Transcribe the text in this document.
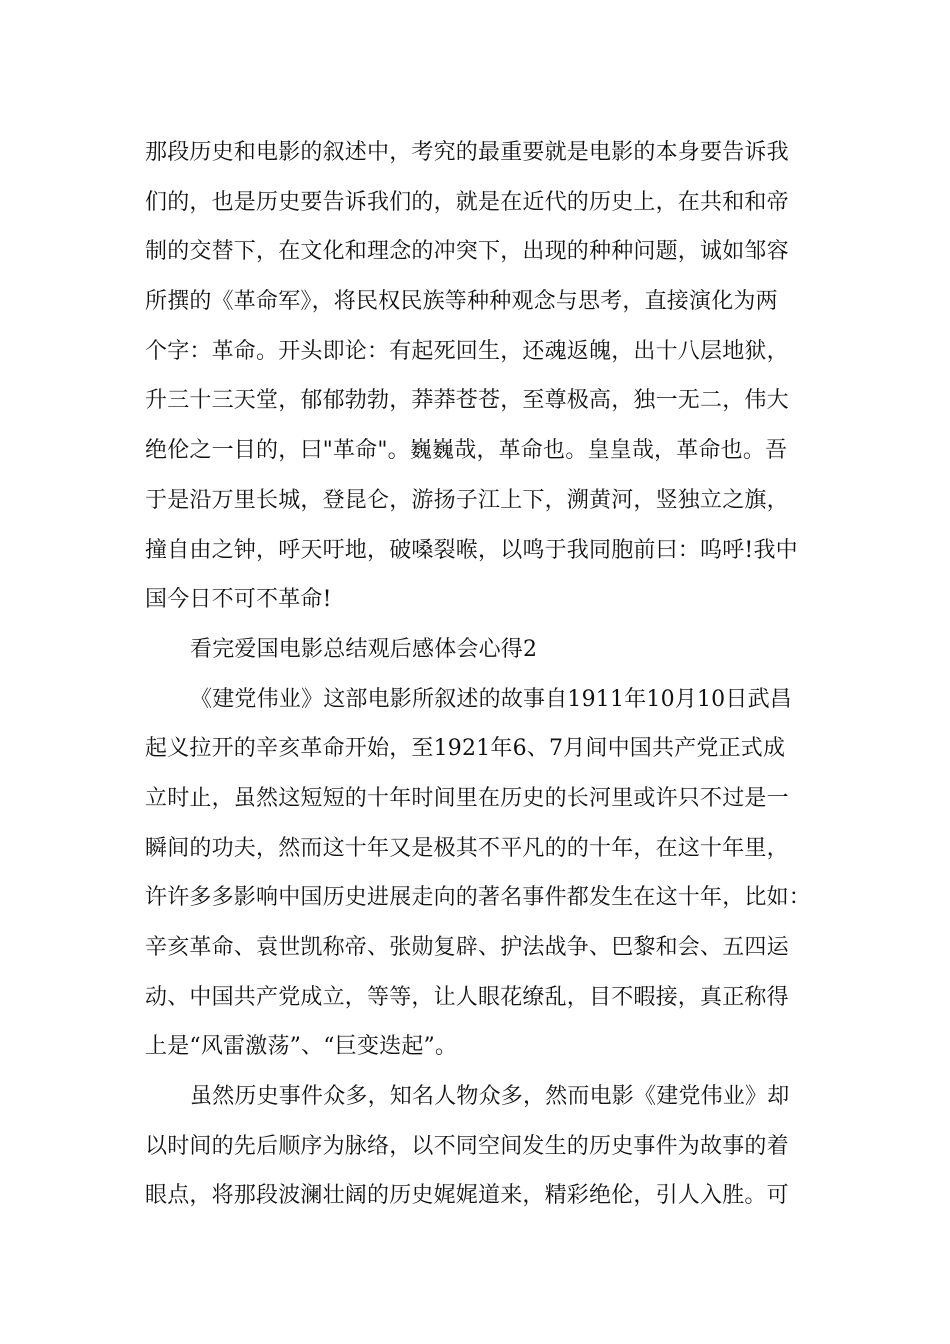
那段历史和电影的叙述中，考究的最重要就是电影的本身要告诉我
们的，也是历史要告诉我们的，就是在近代的历史上，在共和和帝
制的交替下，在文化和理念的冲突下，出现的种种问题，诚如邹容
所撰的《革命军》，将民权民族等种种观念与思考，直接演化为两
个字：革命。开头即论：有起死回生，还魂返魄，出十八层地狱，
升三十三天堂，郁郁勃勃，莽莽苍苍，至尊极高，独一无二，伟大
绝伦之一目的，曰"革命"。巍巍哉，革命也。皇皇哉，革命也。吾
于是沿万里长城，登昆仑，游扬子江上下，溯黄河，竖独立之旗，
撞自由之钟，呼天吁地，破嗓裂喉，以鸣于我同胞前曰：呜呼!我中
国今日不可不革命!
看完爱国电影总结观后感体会心得2
《建党伟业》这部电影所叙述的故事自1911年10月10日武昌
起义拉开的辛亥革命开始，至1921年6、7月间中国共产党正式成
立时止，虽然这短短的十年时间里在历史的长河里或许只不过是一
瞬间的功夫，然而这十年又是极其不平凡的的十年，在这十年里，
许许多多影响中国历史进展走向的著名事件都发生在这十年，比如：
辛亥革命、袁世凯称帝、张勋复辟、护法战争、巴黎和会、五四运
动、中国共产党成立，等等，让人眼花缭乱，目不暇接，真正称得
上是“风雷激荡”、“巨变迭起”。
虽然历史事件众多，知名人物众多，然而电影《建党伟业》却
以时间的先后顺序为脉络，以不同空间发生的历史事件为故事的着
眼点，将那段波澜壮阔的历史娓娓道来，精彩绝伦，引人入胜。可
